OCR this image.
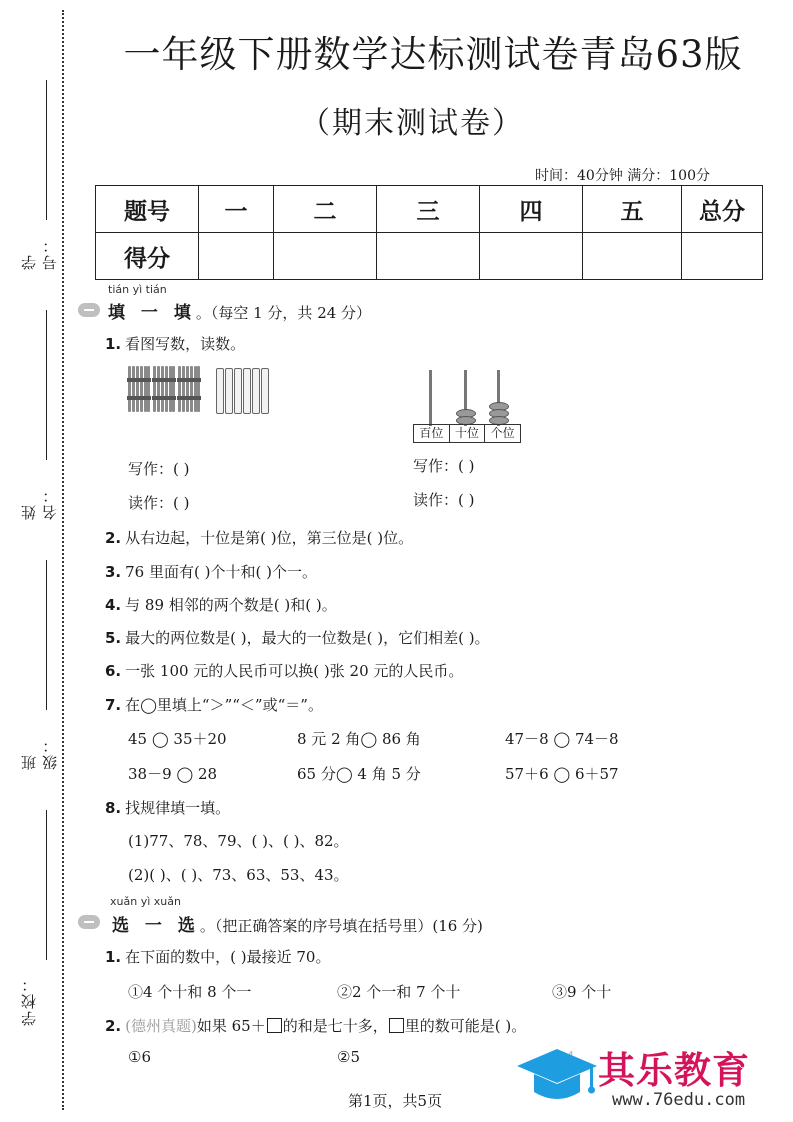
学号：
姓名：
班级：
学校：
一年级下册数学达标测试卷青岛63版
（期末测试卷）
时间：40分钟 满分：100分
题号	一	二	三	四	五	总分
得分						
tián yì tián
填 一 填。（每空 1 分，共 24 分）
1. 看图写数，读数。
百位 十位 个位
写作：( )
读作：( )
写作：( )
读作：( )
2. 从右边起，十位是第( )位，第三位是( )位。
3. 76 里面有( )个十和( )个一。
4. 与 89 相邻的两个数是( )和( )。
5. 最大的两位数是( )，最大的一位数是( )，它们相差( )。
6. 一张 100 元的人民币可以换( )张 20 元的人民币。
7. 在◯里填上“＞”“＜”或“＝”。
45 ◯ 35＋20	8 元 2 角◯ 86 角	47－8 ◯ 74－8
38－9 ◯ 28	65 分◯ 4 角 5 分	57＋6 ◯ 6＋57
8. 找规律填一填。
(1)77、78、79、( )、( )、82。
(2)( )、( )、73、63、53、43。
xuǎn yì xuǎn
选 一 选。（把正确答案的序号填在括号里）(16 分)
1. 在下面的数中，( )最接近 70。
①4 个十和 8 个一	②2 个一和 7 个十	③9 个十
2. (德州真题)如果 65＋ 的和是七十多， 里的数可能是( )。
①6	②5	其乐教育
www.76edu.com
第1页，共5页
